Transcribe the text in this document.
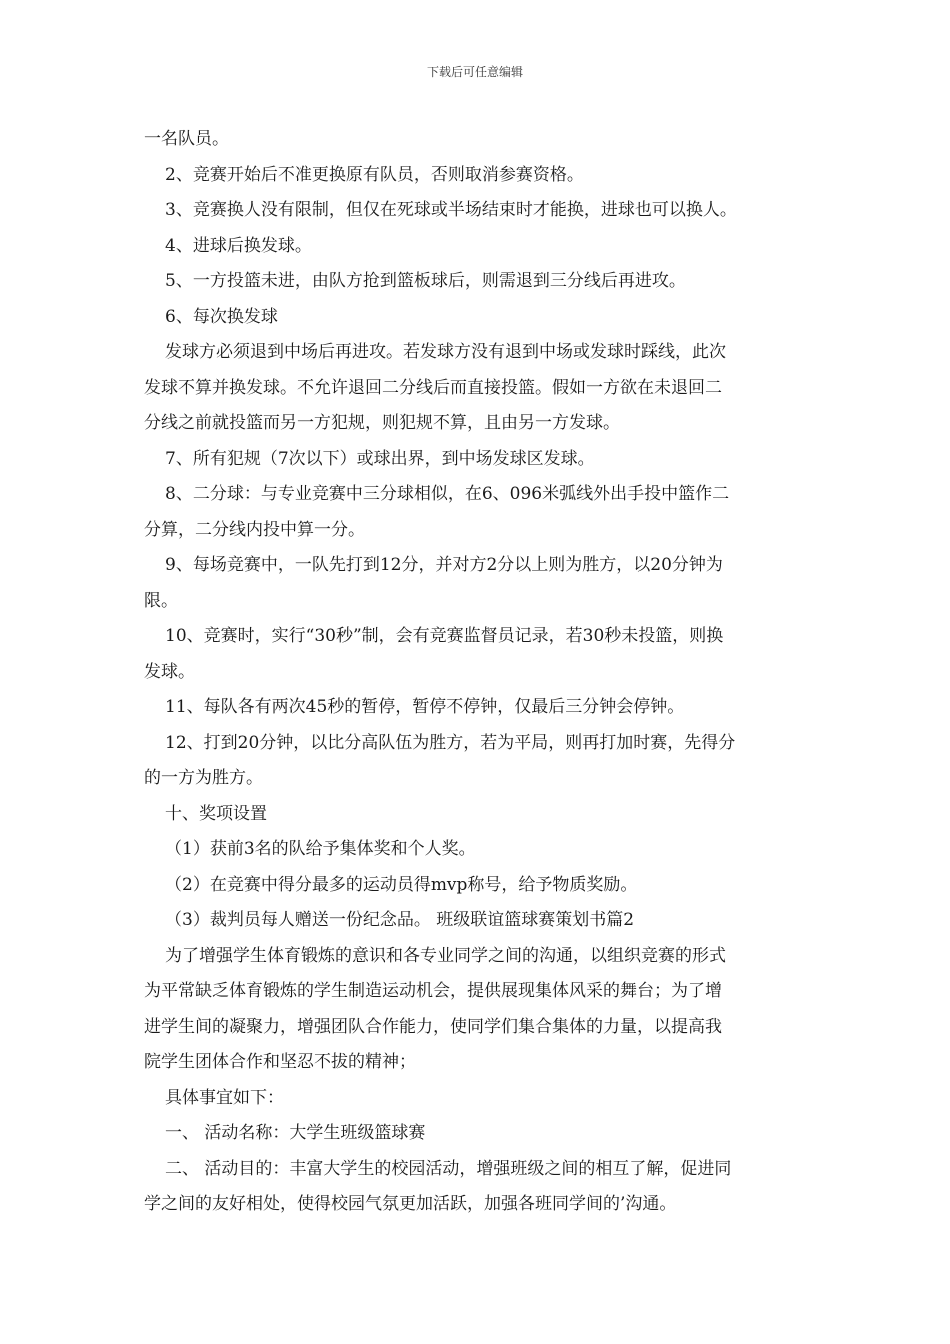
下载后可任意编辑
一名队员。
2、竞赛开始后不准更换原有队员，否则取消参赛资格。
3、竞赛换人没有限制，但仅在死球或半场结束时才能换，进球也可以换人。
4、进球后换发球。
5、一方投篮未进，由队方抢到篮板球后，则需退到三分线后再进攻。
6、每次换发球
发球方必须退到中场后再进攻。若发球方没有退到中场或发球时踩线，此次
发球不算并换发球。不允许退回二分线后而直接投篮。假如一方欲在未退回二
分线之前就投篮而另一方犯规，则犯规不算，且由另一方发球。
7、所有犯规（7次以下）或球出界，到中场发球区发球。
8、二分球：与专业竞赛中三分球相似，在6、096米弧线外出手投中篮作二
分算，二分线内投中算一分。
9、每场竞赛中，一队先打到12分，并对方2分以上则为胜方，以20分钟为
限。
10、竞赛时，实行“30秒”制，会有竞赛监督员记录，若30秒未投篮，则换
发球。
11、每队各有两次45秒的暂停，暂停不停钟，仅最后三分钟会停钟。
12、打到20分钟，以比分高队伍为胜方，若为平局，则再打加时赛，先得分
的一方为胜方。
十、奖项设置
（1）获前3名的队给予集体奖和个人奖。
（2）在竞赛中得分最多的运动员得mvp称号，给予物质奖励。
（3）裁判员每人赠送一份纪念品。 班级联谊篮球赛策划书篇2
为了增强学生体育锻炼的意识和各专业同学之间的沟通，以组织竞赛的形式
为平常缺乏体育锻炼的学生制造运动机会，提供展现集体风采的舞台；为了增
进学生间的凝聚力，增强团队合作能力，使同学们集合集体的力量，以提高我
院学生团体合作和坚忍不拔的精神；
具体事宜如下：
一、 活动名称：大学生班级篮球赛
二、 活动目的：丰富大学生的校园活动，增强班级之间的相互了解，促进同
学之间的友好相处，使得校园气氛更加活跃，加强各班同学间的’沟通。
